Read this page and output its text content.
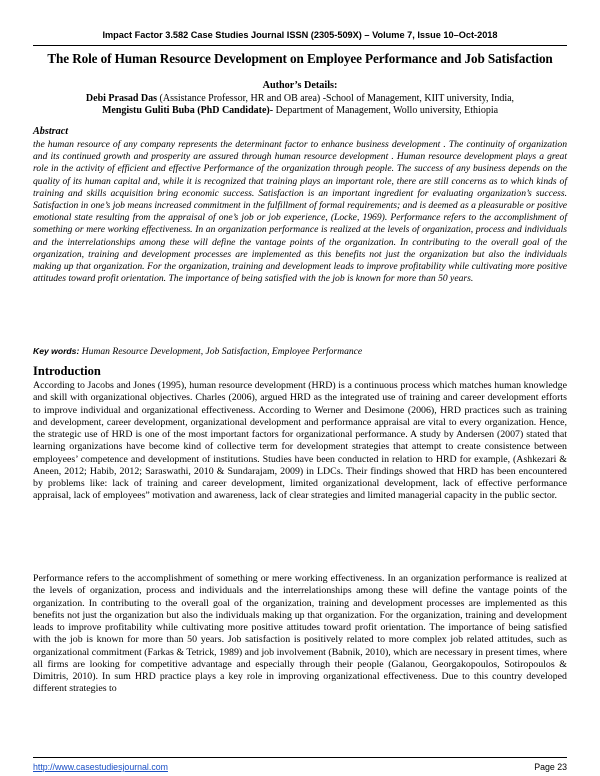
Impact Factor 3.582 Case Studies Journal ISSN (2305-509X) – Volume 7, Issue 10–Oct-2018
The Role of Human Resource Development on Employee Performance and Job Satisfaction
Author’s Details:
Debi Prasad Das (Assistance Professor, HR and OB area) -School of Management, KIIT university, India,
Mengistu Guliti Buba (PhD Candidate)- Department of Management, Wollo university, Ethiopia
Abstract
the human resource of any company represents the determinant factor to enhance business development . The continuity of organization and its continued growth and prosperity are assured through human resource development . Human resource development plays a great role in the activity of efficient and effective Performance of the organization through people. The success of any business depends on the quality of its human capital and, while it is recognized that training plays an important role, there are still concerns as to which kinds of training and skills acquisition bring economic success. Satisfaction is an important ingredient for evaluating organization’s success. Satisfaction in one’s job means increased commitment in the fulfillment of formal requirements; and is deemed as a pleasurable or positive emotional state resulting from the appraisal of one’s job or job experience, (Locke, 1969). Performance refers to the accomplishment of something or mere working effectiveness. In an organization performance is realized at the levels of organization, process and individuals and the interrelationships among these will define the vantage points of the organization. In contributing to the overall goal of the organization, training and development processes are implemented as this benefits not just the organization but also the individuals making up that organization. For the organization, training and development leads to improve profitability while cultivating more positive attitudes toward profit orientation. The importance of being satisfied with the job is known for more than 50 years.
Key words: Human Resource Development, Job Satisfaction, Employee Performance
Introduction
According to Jacobs and Jones (1995), human resource development (HRD) is a continuous process which matches human knowledge and skill with organizational objectives. Charles (2006), argued HRD as the integrated use of training and career development efforts to improve individual and organizational effectiveness. According to Werner and Desimone (2006), HRD practices such as training and development, career development, organizational development and performance appraisal are vital to every organization. Hence, the strategic use of HRD is one of the most important factors for organizational performance. A study by Andersen (2007) stated that learning organizations have become kind of collective term for development strategies that attempt to create consistence between employees’ competence and development of institutions. Studies have been conducted in relation to HRD for example, (Ashkezari & Aneen, 2012; Habib, 2012; Saraswathi, 2010 & Sundarajam, 2009) in LDCs. Their findings showed that HRD has been encountered by problems like: lack of training and career development, limited organizational development, lack of effective performance appraisal, lack of employees” motivation and awareness, lack of clear strategies and limited managerial capacity in the public sector.
Performance refers to the accomplishment of something or mere working effectiveness. In an organization performance is realized at the levels of organization, process and individuals and the interrelationships among these will define the vantage points of the organization. In contributing to the overall goal of the organization, training and development processes are implemented as this benefits not just the organization but also the individuals making up that organization. For the organization, training and development leads to improve profitability while cultivating more positive attitudes toward profit orientation. The importance of being satisfied with the job is known for more than 50 years. Job satisfaction is positively related to more complex job related attitudes, such as organizational commitment (Farkas & Tetrick, 1989) and job involvement (Babnik, 2010), which are necessary in present times, where all firms are looking for competitive advantage and especially through their people (Galanou, Georgakopoulos, Sotiropoulos & Dimitris, 2010). In sum HRD practice plays a key role in improving organizational effectiveness. Due to this country developed different strategies to
http://www.casestudiesjournal.com	Page 23
